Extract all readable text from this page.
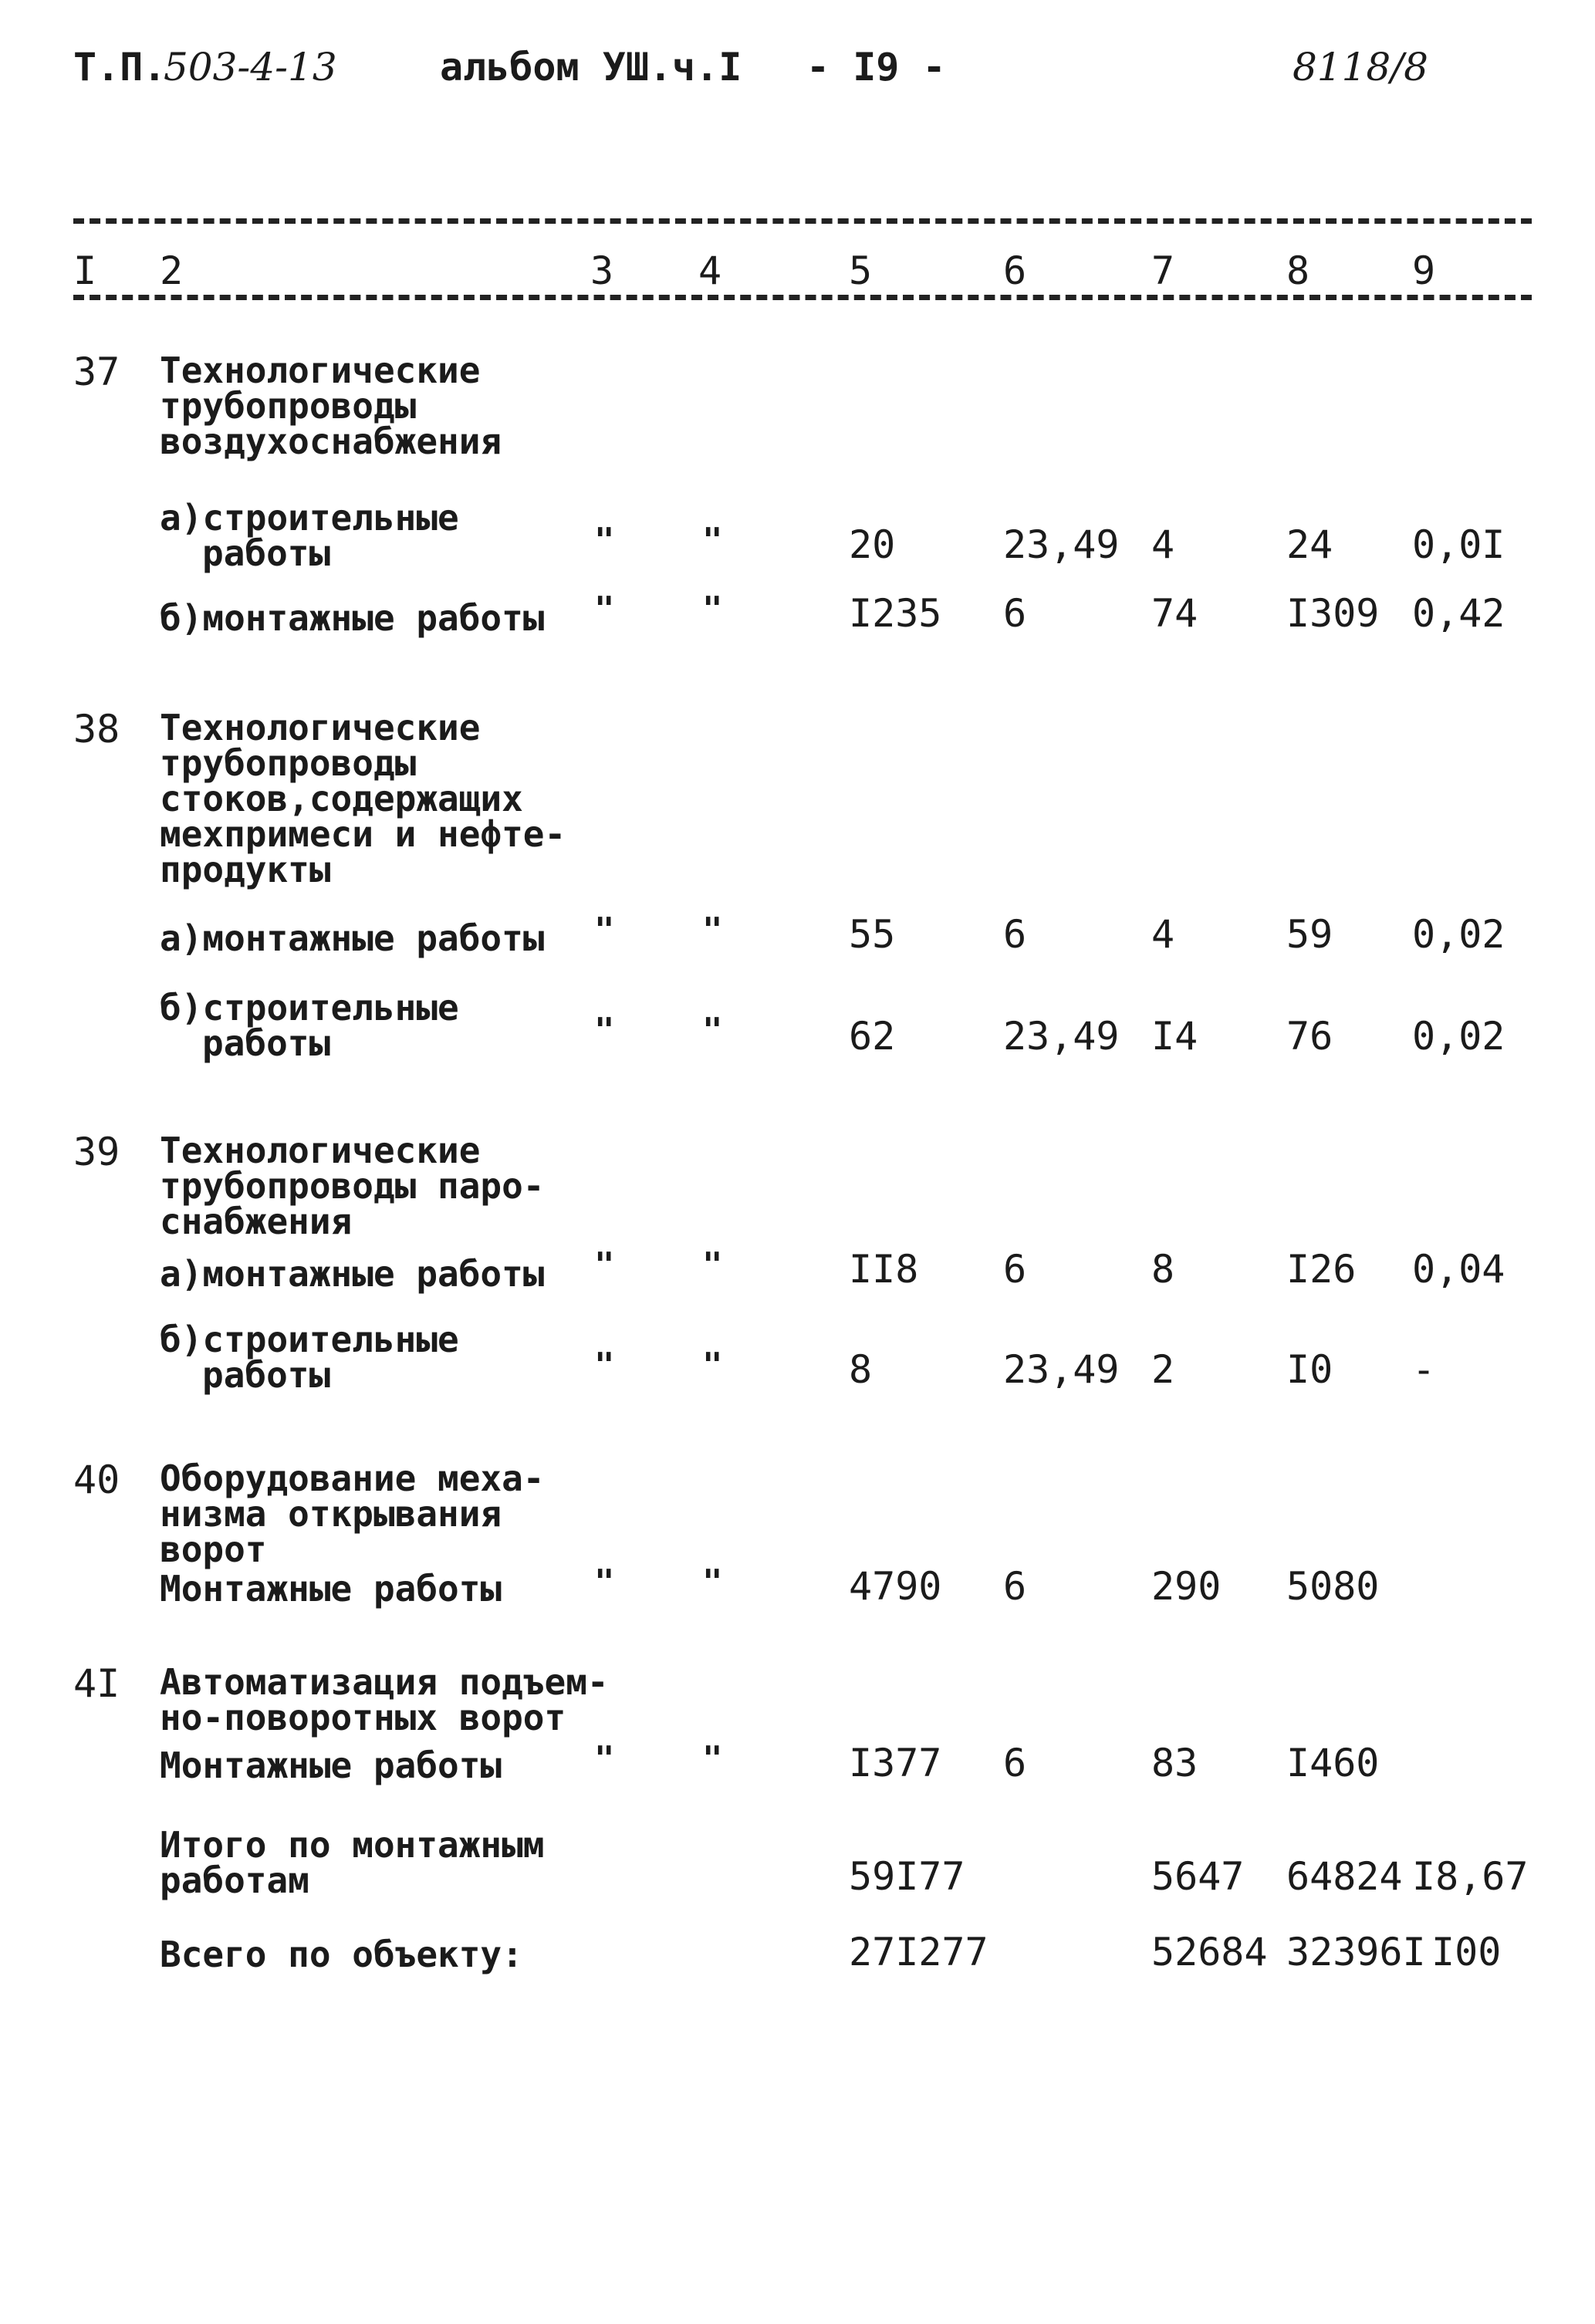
Т.П.
503-4-13	альбом УШ.ч.I - I9 -	8118/8
I 2	3 4	5	6	7	8	9
37 Технологические
трубопроводы
воздухоснабжения
а)строительные
работы	"	"	20	23,49 4	24 0,0I
б)монтажные работы "	"	I235 6	74 I309 0,42
38 Технологические
трубопроводы
стоков,содержащих
мехпримеси и нефте-
продукты
а)монтажные работы "	"	55	6	4	59 0,02
б)строительные
работы	"	"	62	23,49 I4 76 0,02
39 Технологические
трубопроводы паро-
снабжения
а)монтажные работы "	"	II8 6	8	I26 0,04
б)строительные
работы	"	"	8	23,49 2	I0 -
40 Оборудование меха-
низма открывания
ворот
Монтажные работы	"	"	4790 6	290 5080
4I Автоматизация подъем-
но-поворотных ворот
Монтажные работы	"	"	I377 6	83 I460
Итого по монтажным
работам	59I77	5647 64824 I8,67
Всего по объекту:	27I277	52684 32396I I00
